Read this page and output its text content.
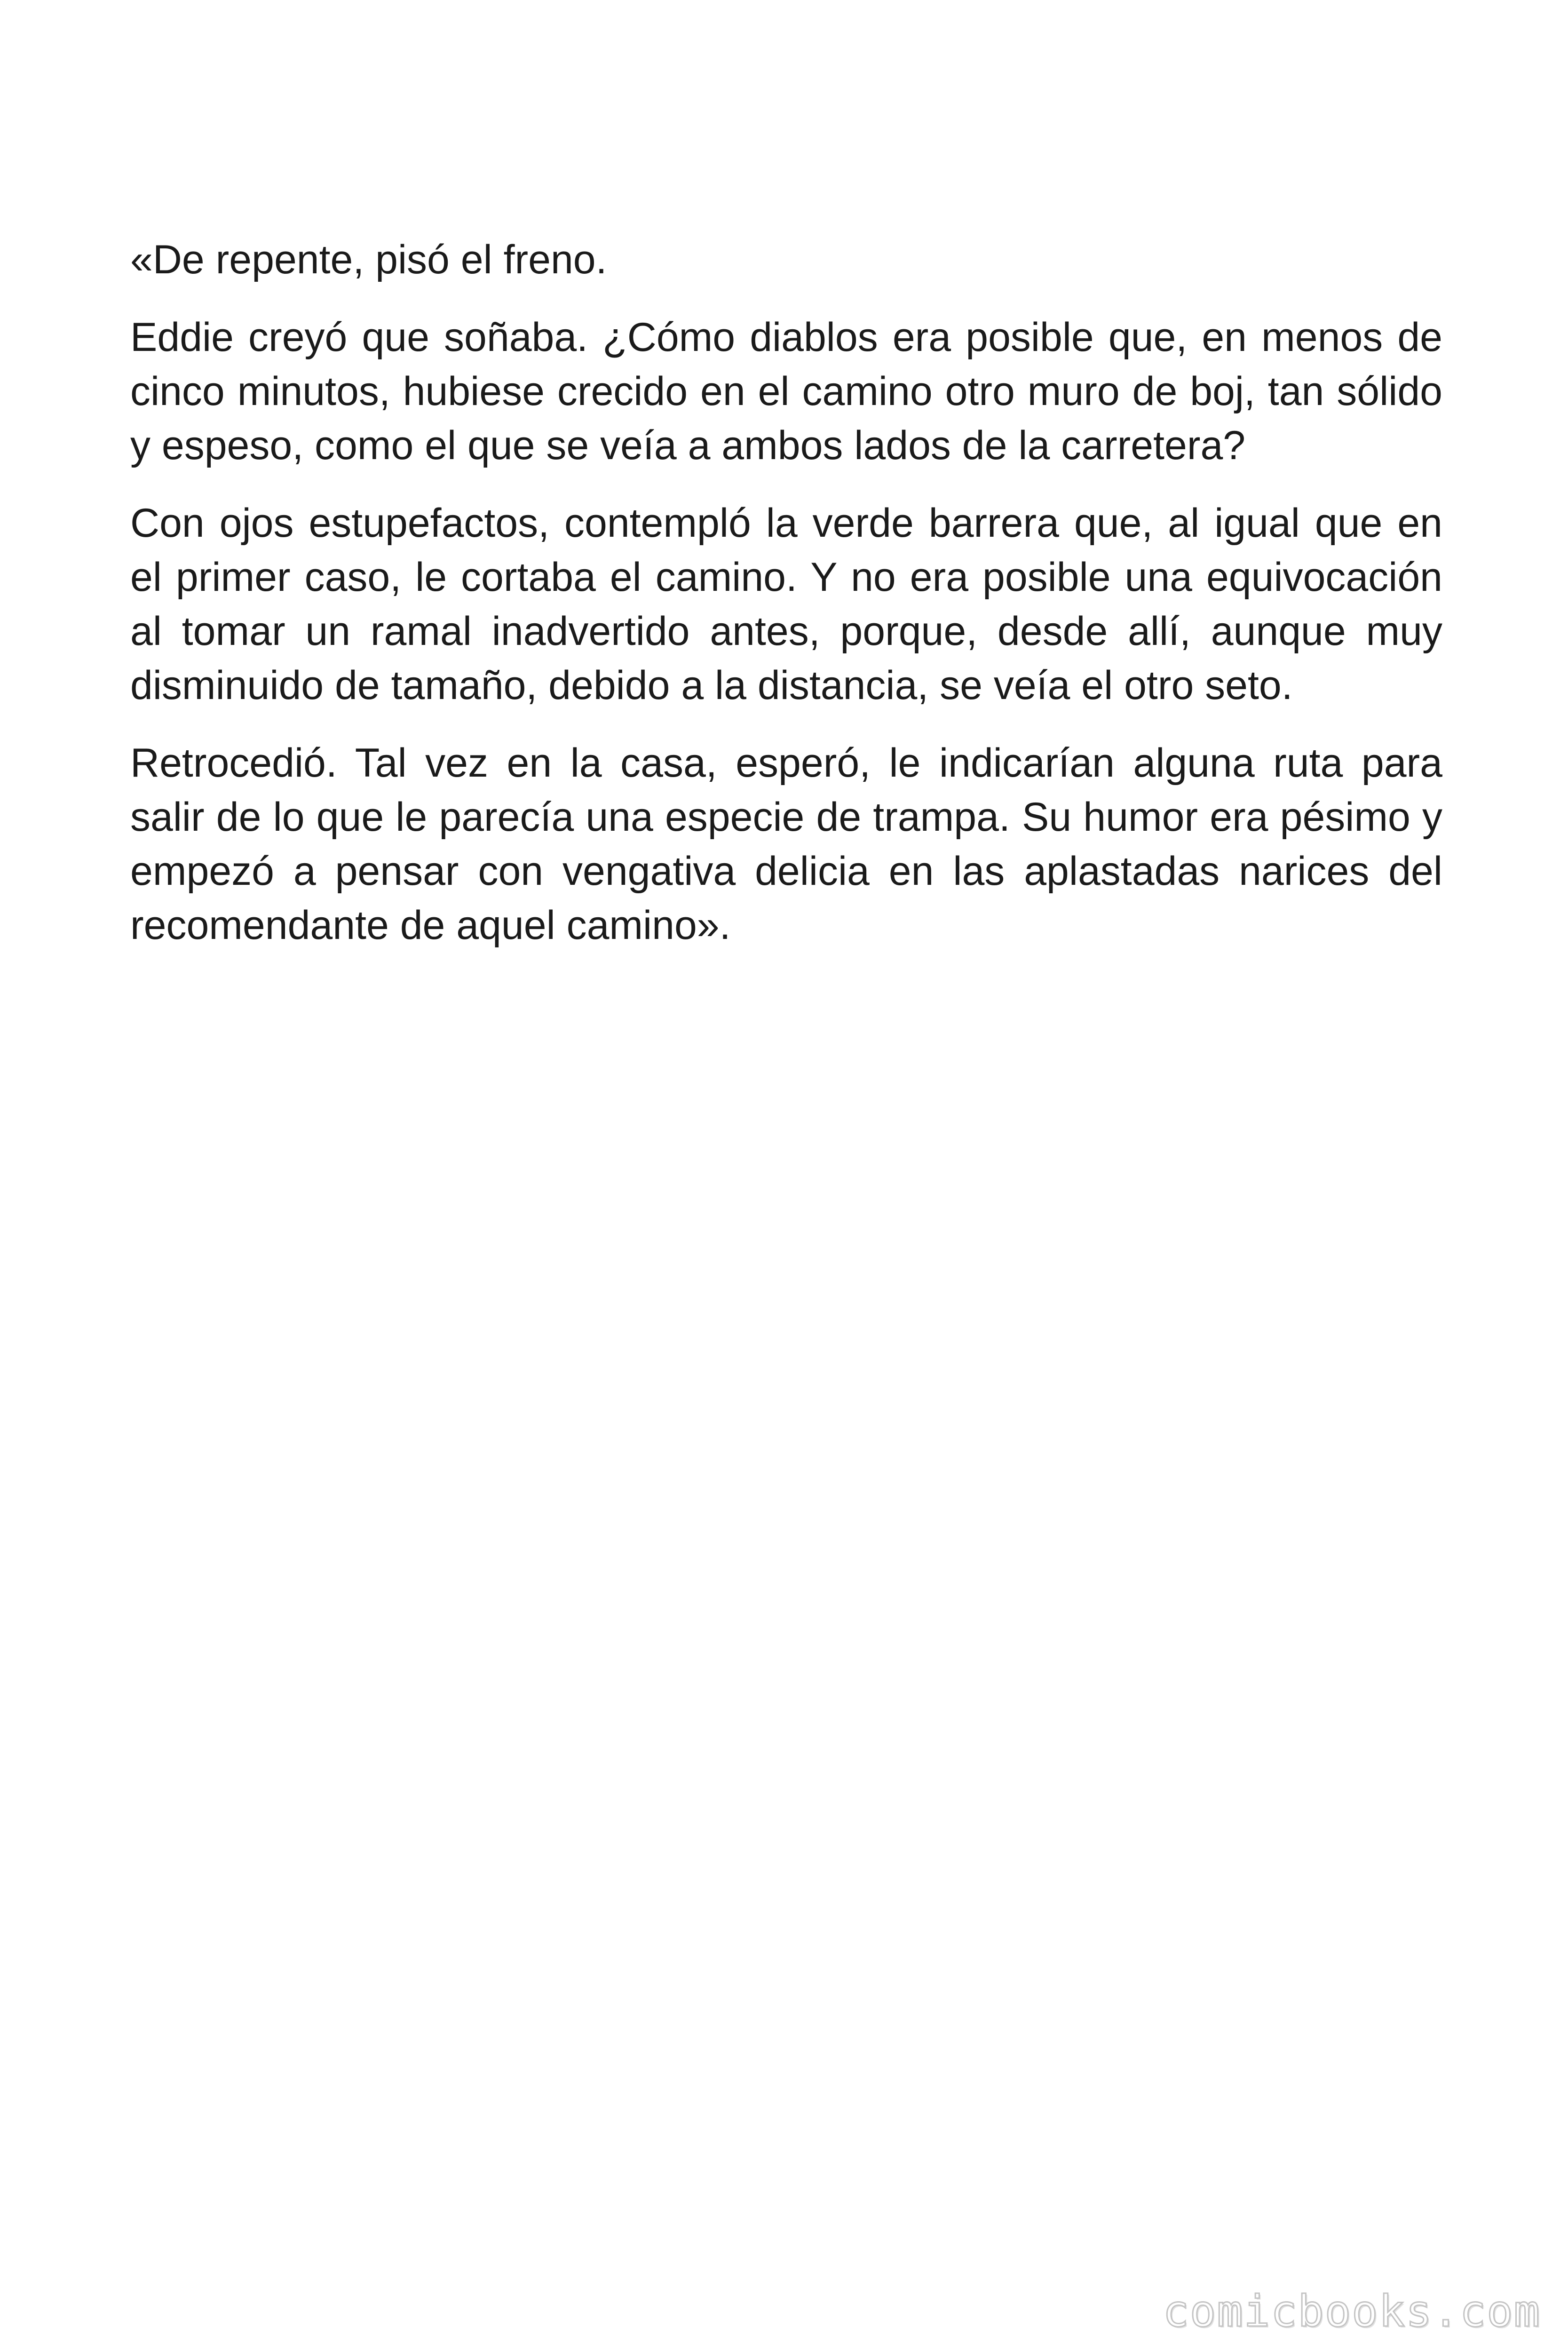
«De repente, pisó el freno.

Eddie creyó que soñaba. ¿Cómo diablos era posible que, en menos de cinco minutos, hubiese crecido en el camino otro muro de boj, tan sólido y espeso, como el que se veía a ambos lados de la carretera?

Con ojos estupefactos, contempló la verde barrera que, al igual que en el primer caso, le cortaba el camino. Y no era posible una equivocación al tomar un ramal inadvertido antes, porque, desde allí, aunque muy disminuido de tamaño, debido a la distancia, se veía el otro seto.

Retrocedió. Tal vez en la casa, esperó, le indicarían alguna ruta para salir de lo que le parecía una especie de trampa. Su humor era pésimo y empezó a pensar con vengativa delicia en las aplastadas narices del recomendante de aquel camino».

comicbooks.com
